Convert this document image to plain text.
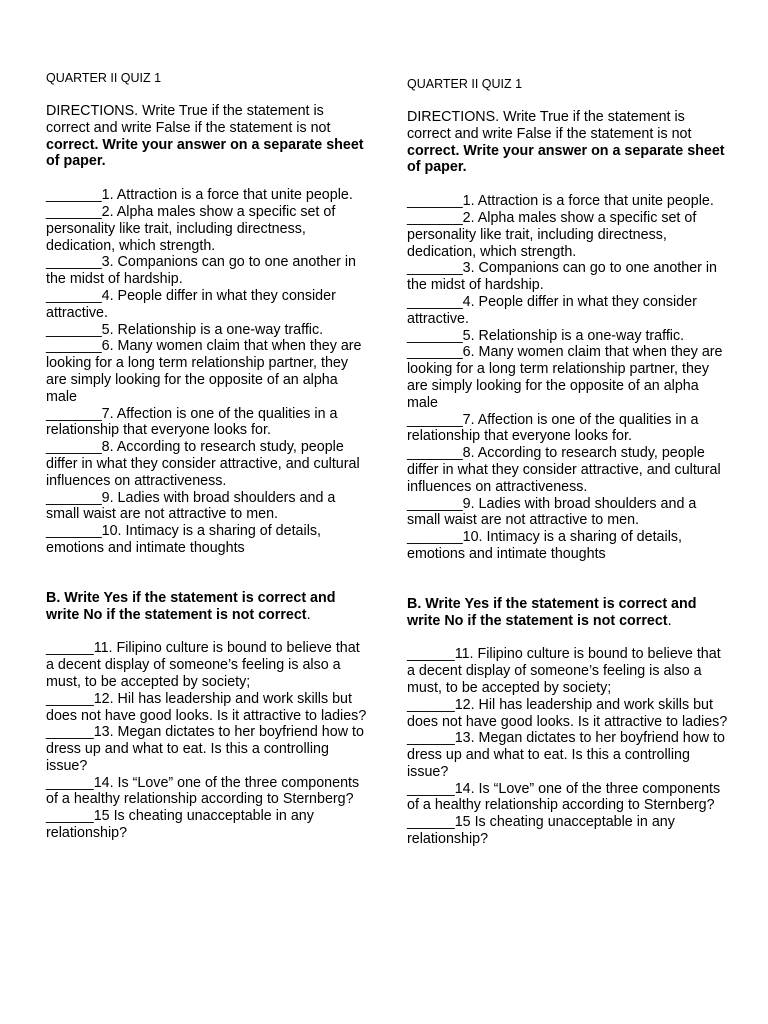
QUARTER II QUIZ 1

DIRECTIONS. Write True if the statement is correct and write False if the statement is not correct. Write your answer on a separate sheet of paper.

_______1. Attraction is a force that unite people.

_______2. Alpha males show a specific set of personality like trait, including directness, dedication, which strength.

_______3. Companions can go to one another in the midst of hardship.

_______4. People differ in what they consider attractive.

_______5. Relationship is a one-way traffic.

_______6. Many women claim that when they are looking for a long term relationship partner, they are simply looking for the opposite of an alpha male

_______7. Affection is one of the qualities in a relationship that everyone looks for.

_______8. According to research study, people differ in what they consider attractive, and cultural influences on attractiveness.

_______9. Ladies with broad shoulders and a small waist are not attractive to men.

_______10. Intimacy is a sharing of details, emotions and intimate thoughts

B. Write Yes if the statement is correct and write No if the statement is not correct.

______11. Filipino culture is bound to believe that a decent display of someone’s feeling is also a must, to be accepted by society;

______12. Hil has leadership and work skills but does not have good looks. Is it attractive to ladies?

______13. Megan dictates to her boyfriend how to dress up and what to eat. Is this a controlling issue?

______14. Is “Love” one of the three components of a healthy relationship according to Sternberg?

______15 Is cheating unacceptable in any relationship?

QUARTER II QUIZ 1

DIRECTIONS. Write True if the statement is correct and write False if the statement is not correct. Write your answer on a separate sheet of paper.

_______1. Attraction is a force that unite people.

_______2. Alpha males show a specific set of personality like trait, including directness, dedication, which strength.

_______3. Companions can go to one another in the midst of hardship.

_______4. People differ in what they consider attractive.

_______5. Relationship is a one-way traffic.

_______6. Many women claim that when they are looking for a long term relationship partner, they are simply looking for the opposite of an alpha male

_______7. Affection is one of the qualities in a relationship that everyone looks for.

_______8. According to research study, people differ in what they consider attractive, and cultural influences on attractiveness.

_______9. Ladies with broad shoulders and a small waist are not attractive to men.

_______10. Intimacy is a sharing of details, emotions and intimate thoughts

B. Write Yes if the statement is correct and write No if the statement is not correct.

______11. Filipino culture is bound to believe that a decent display of someone’s feeling is also a must, to be accepted by society;

______12. Hil has leadership and work skills but does not have good looks. Is it attractive to ladies?

______13. Megan dictates to her boyfriend how to dress up and what to eat. Is this a controlling issue?

______14. Is “Love” one of the three components of a healthy relationship according to Sternberg?

______15 Is cheating unacceptable in any relationship?
